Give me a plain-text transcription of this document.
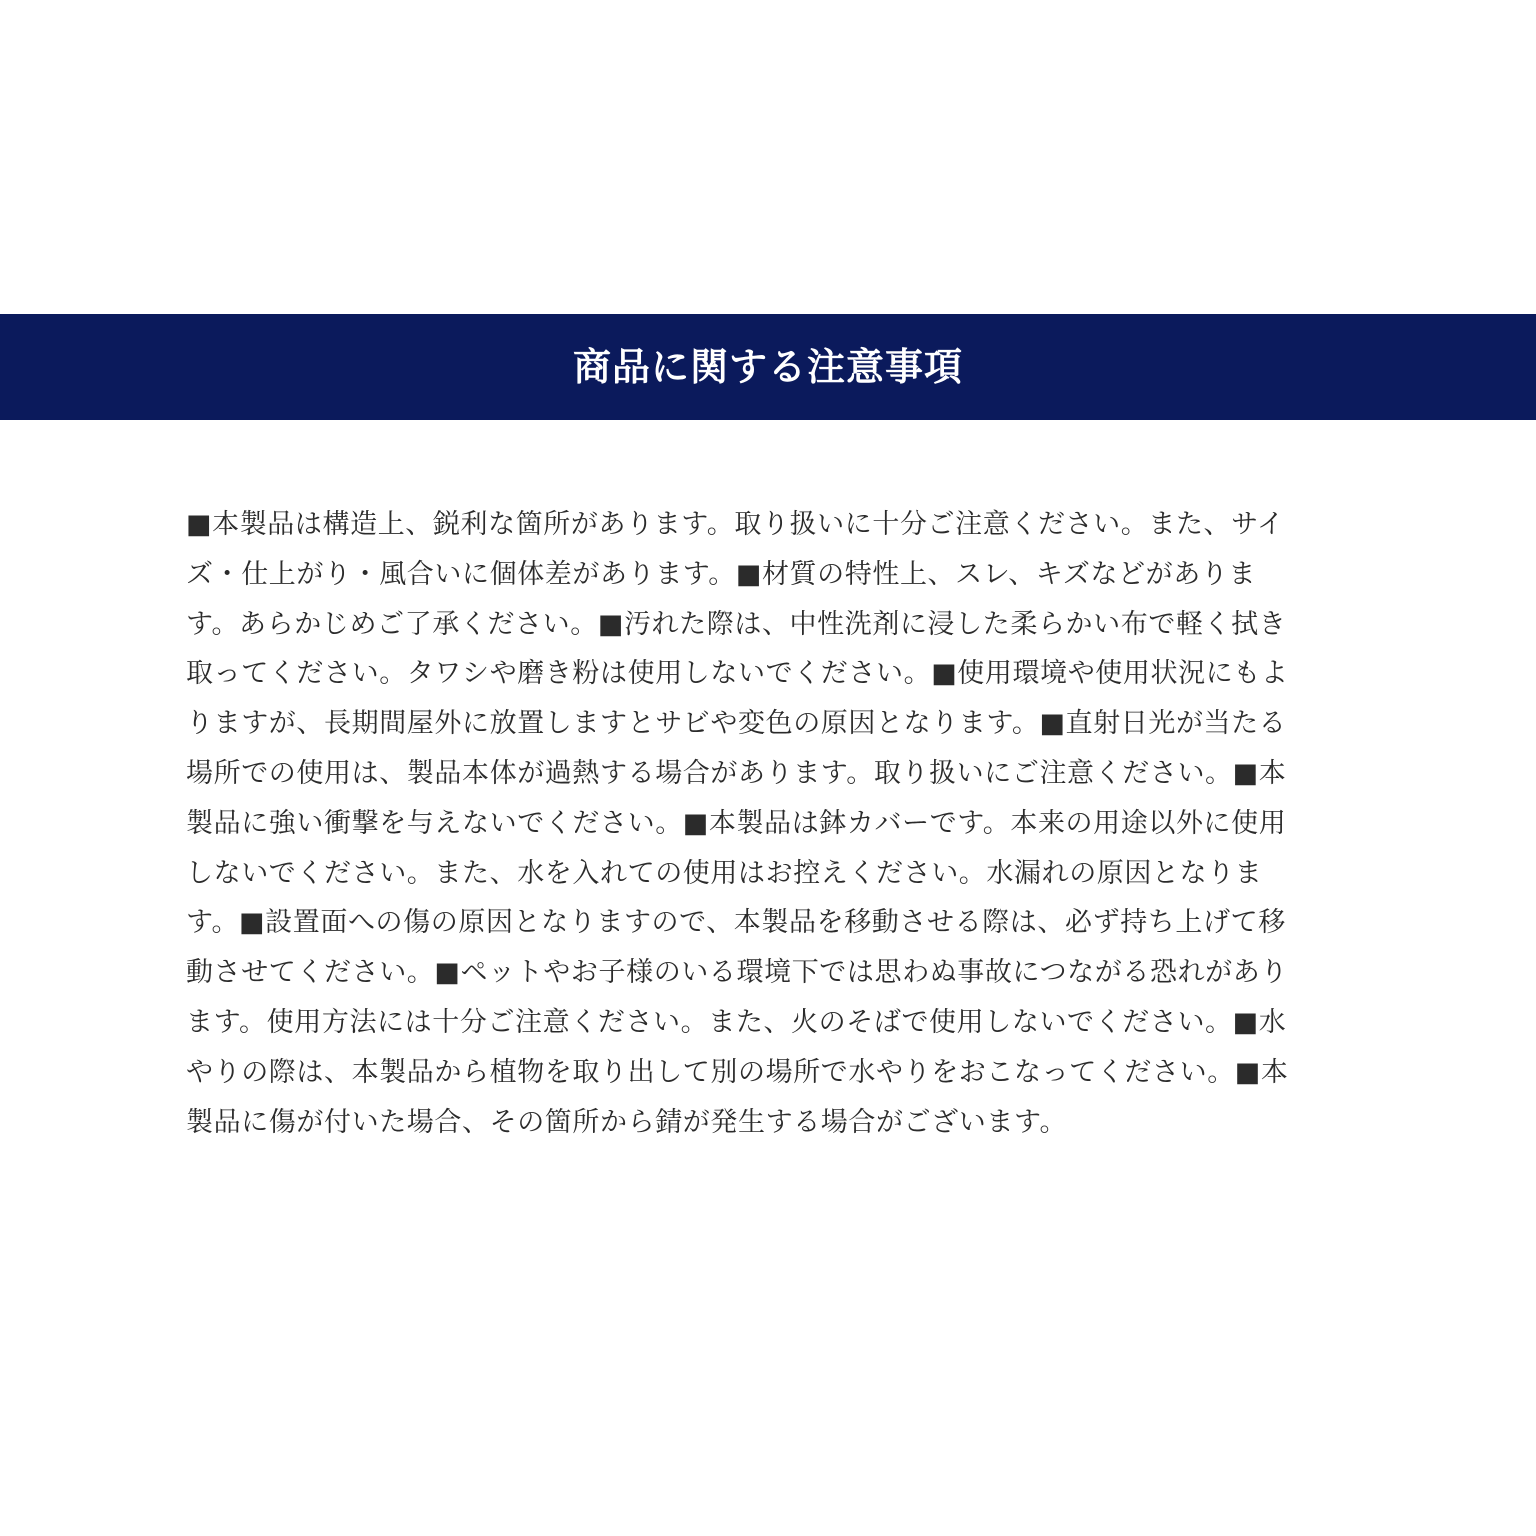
商品に関する注意事項
■本製品は構造上、鋭利な箇所があります。取り扱いに十分ご注意ください。また、サイ
ズ・仕上がり・風合いに個体差があります。■材質の特性上、スレ、キズなどがありま
す。あらかじめご了承ください。■汚れた際は、中性洗剤に浸した柔らかい布で軽く拭き
取ってください。タワシや磨き粉は使用しないでください。■使用環境や使用状況にもよ
りますが、長期間屋外に放置しますとサビや変色の原因となります。■直射日光が当たる
場所での使用は、製品本体が過熱する場合があります。取り扱いにご注意ください。■本
製品に強い衝撃を与えないでください。■本製品は鉢カバーです。本来の用途以外に使用
しないでください。また、水を入れての使用はお控えください。水漏れの原因となりま
す。■設置面への傷の原因となりますので、本製品を移動させる際は、必ず持ち上げて移
動させてください。■ペットやお子様のいる環境下では思わぬ事故につながる恐れがあり
ます。使用方法には十分ご注意ください。また、火のそばで使用しないでください。■水
やりの際は、本製品から植物を取り出して別の場所で水やりをおこなってください。■本
製品に傷が付いた場合、その箇所から錆が発生する場合がございます。
